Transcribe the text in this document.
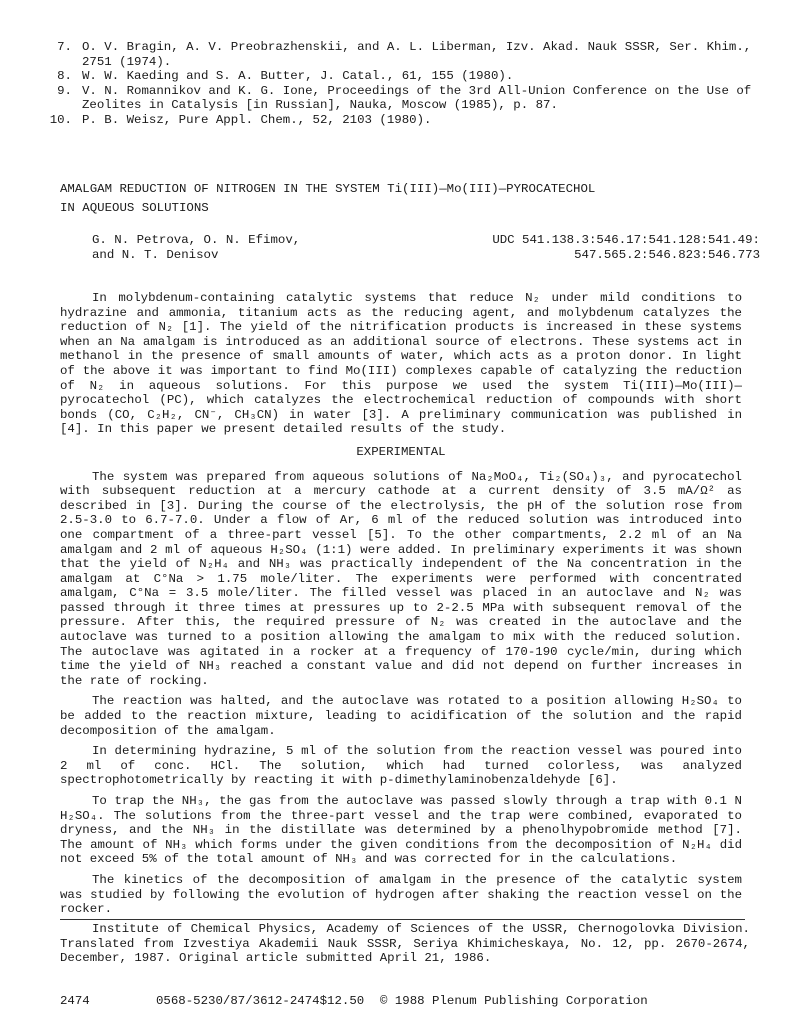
7. O. V. Bragin, A. V. Preobrazhenskii, and A. L. Liberman, Izv. Akad. Nauk SSSR, Ser. Khim., 2751 (1974).
8. W. W. Kaeding and S. A. Butter, J. Catal., 61, 155 (1980).
9. V. N. Romannikov and K. G. Ione, Proceedings of the 3rd All-Union Conference on the Use of Zeolites in Catalysis [in Russian], Nauka, Moscow (1985), p. 87.
10. P. B. Weisz, Pure Appl. Chem., 52, 2103 (1980).
AMALGAM REDUCTION OF NITROGEN IN THE SYSTEM Ti(III)—Mo(III)—PYROCATECHOL
IN AQUEOUS SOLUTIONS
G. N. Petrova, O. N. Efimov,
and N. T. Denisov
UDC 541.138.3:546.17:541.128:541.49:
547.565.2:546.823:546.773

In molybdenum-containing catalytic systems that reduce N₂ under mild conditions to hydrazine and ammonia, titanium acts as the reducing agent, and molybdenum catalyzes the reduction of N₂ [1]. The yield of the nitrification products is increased in these systems when an Na amalgam is introduced as an additional source of electrons. These systems act in methanol in the presence of small amounts of water, which acts as a proton donor. In light of the above it was important to find Mo(III) complexes capable of catalyzing the reduction of N₂ in aqueous solutions. For this purpose we used the system Ti(III)—Mo(III)—pyrocatechol (PC), which catalyzes the electrochemical reduction of compounds with short bonds (CO, C₂H₂, CN⁻, CH₃CN) in water [3]. A preliminary communication was published in [4]. In this paper we present detailed results of the study.

EXPERIMENTAL

The system was prepared from aqueous solutions of Na₂MoO₄, Ti₂(SO₄)₃, and pyrocatechol with subsequent reduction at a mercury cathode at a current density of 3.5 mA/Ω² as described in [3]. During the course of the electrolysis, the pH of the solution rose from 2.5-3.0 to 6.7-7.0. Under a flow of Ar, 6 ml of the reduced solution was introduced into one compartment of a three-part vessel [5]. To the other compartments, 2.2 ml of an Na amalgam and 2 ml of aqueous H₂SO₄ (1:1) were added. In preliminary experiments it was shown that the yield of N₂H₄ and NH₃ was practically independent of the Na concentration in the amalgam at C°Na > 1.75 mole/liter. The experiments were performed with concentrated amalgam, C°Na = 3.5 mole/liter. The filled vessel was placed in an autoclave and N₂ was passed through it three times at pressures up to 2-2.5 MPa with subsequent removal of the pressure. After this, the required pressure of N₂ was created in the autoclave and the autoclave was turned to a position allowing the amalgam to mix with the reduced solution. The autoclave was agitated in a rocker at a frequency of 170-190 cycle/min, during which time the yield of NH₃ reached a constant value and did not depend on further increases in the rate of rocking.

The reaction was halted, and the autoclave was rotated to a position allowing H₂SO₄ to be added to the reaction mixture, leading to acidification of the solution and the rapid decomposition of the amalgam.

In determining hydrazine, 5 ml of the solution from the reaction vessel was poured into 2 ml of conc. HCl. The solution, which had turned colorless, was analyzed spectrophotometrically by reacting it with p-dimethylaminobenzaldehyde [6].

To trap the NH₃, the gas from the autoclave was passed slowly through a trap with 0.1 N H₂SO₄. The solutions from the three-part vessel and the trap were combined, evaporated to dryness, and the NH₃ in the distillate was determined by a phenolhypobromide method [7]. The amount of NH₃ which forms under the given conditions from the decomposition of N₂H₄ did not exceed 5% of the total amount of NH₃ and was corrected for in the calculations.

The kinetics of the decomposition of amalgam in the presence of the catalytic system was studied by following the evolution of hydrogen after shaking the reaction vessel on the rocker.

Institute of Chemical Physics, Academy of Sciences of the USSR, Chernogolovka Division. Translated from Izvestiya Akademii Nauk SSSR, Seriya Khimicheskaya, No. 12, pp. 2670-2674, December, 1987. Original article submitted April 21, 1986.

2474	0568-5230/87/3612-2474$12.50	© 1988 Plenum Publishing Corporation
